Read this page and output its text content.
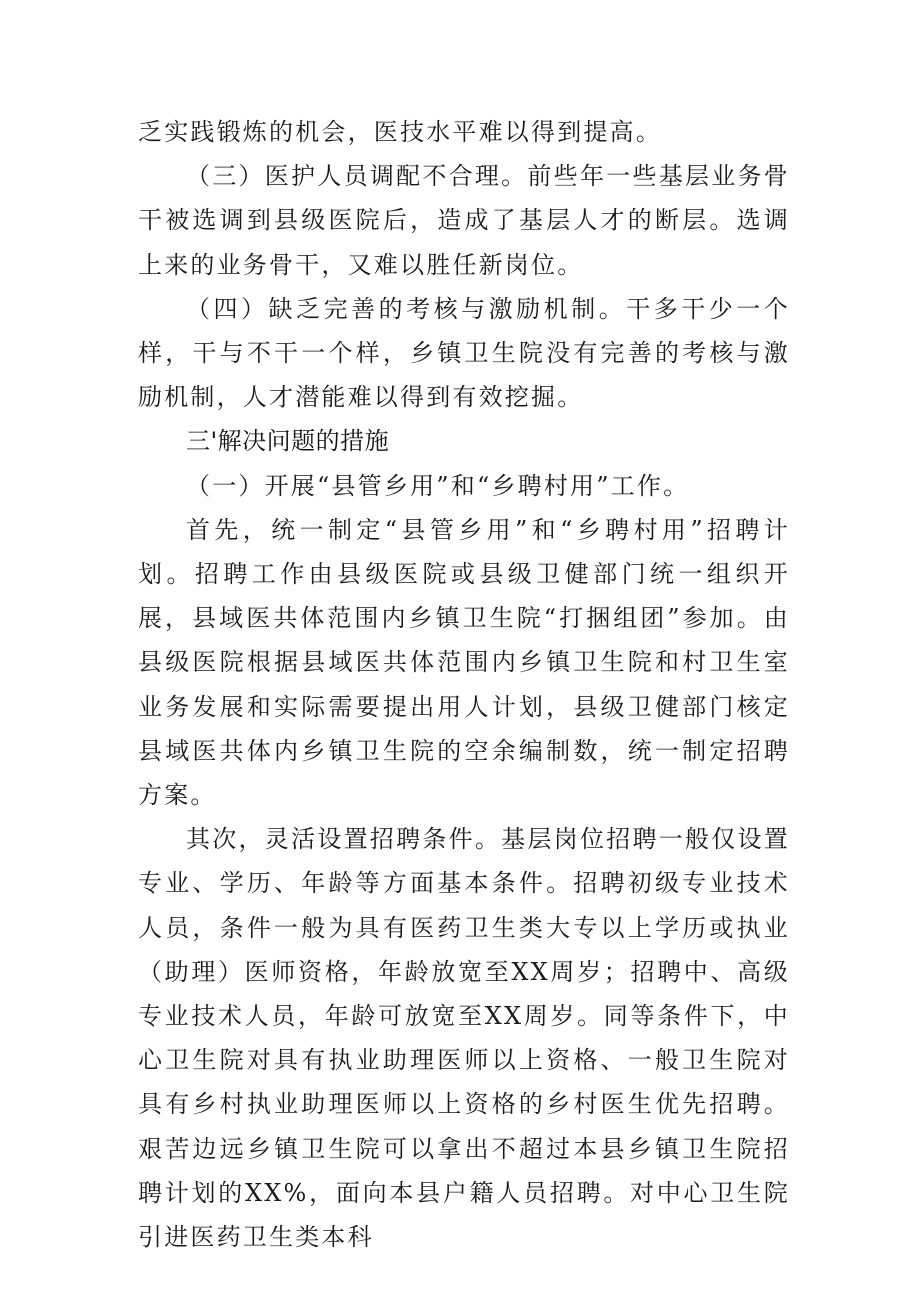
乏实践锻炼的机会，医技水平难以得到提高。

（三）医护人员调配不合理。前些年一些基层业务骨干被选调到县级医院后，造成了基层人才的断层。选调上来的业务骨干，又难以胜任新岗位。

（四）缺乏完善的考核与激励机制。干多干少一个样，干与不干一个样，乡镇卫生院没有完善的考核与激励机制，人才潜能难以得到有效挖掘。

三'解决问题的措施

（一）开展“县管乡用”和“乡聘村用”工作。

首先，统一制定“县管乡用”和“乡聘村用”招聘计划。招聘工作由县级医院或县级卫健部门统一组织开展，县域医共体范围内乡镇卫生院“打捆组团”参加。由县级医院根据县域医共体范围内乡镇卫生院和村卫生室业务发展和实际需要提出用人计划，县级卫健部门核定县域医共体内乡镇卫生院的空余编制数，统一制定招聘方案。

其次，灵活设置招聘条件。基层岗位招聘一般仅设置专业、学历、年龄等方面基本条件。招聘初级专业技术人员，条件一般为具有医药卫生类大专以上学历或执业（助理）医师资格，年龄放宽至XX周岁；招聘中、高级专业技术人员，年龄可放宽至XX周岁。同等条件下，中心卫生院对具有执业助理医师以上资格、一般卫生院对具有乡村执业助理医师以上资格的乡村医生优先招聘。艰苦边远乡镇卫生院可以拿出不超过本县乡镇卫生院招聘计划的XX%，面向本县户籍人员招聘。对中心卫生院引进医药卫生类本科
